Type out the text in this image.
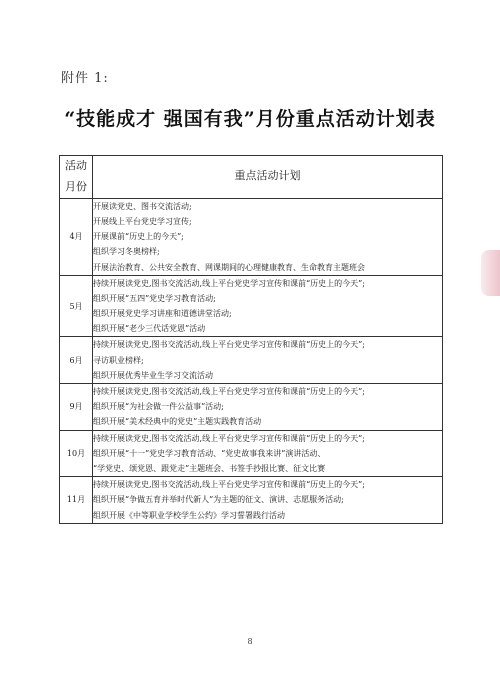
附件 1:
“技能成才 强国有我”月份重点活动计划表
活动
月份	重点活动计划
4月	开展读党史、图书交流活动;
开展线上平台党史学习宣传;
开展课前“历史上的今天”;
组织学习冬奥榜样;
开展法治教育、公共安全教育、网课期间的心理健康教育、生命教育主题班会

5月	持续开展读党史,图书交流活动,线上平台党史学习宣传和课前“历史上的今天”;
组织开展“五四”党史学习教育活动;
组织开展党史学习讲座和道德讲堂活动;
组织开展“老少三代话党恩”活动

6月	持续开展读党史,图书交流活动,线上平台党史学习宣传和课前“历史上的今天”;
寻访职业榜样;
组织开展优秀毕业生学习交流活动

9月	持续开展读党史,图书交流活动,线上平台党史学习宣传和课前“历史上的今天”;
组织开展“为社会做一件公益事”活动;
组织开展“美术经典中的党史”主题实践教育活动

10月	持续开展读党史,图书交流活动,线上平台党史学习宣传和课前“历史上的今天”;
组织开展“十一”党史学习教育活动、“党史故事我来讲”演讲活动、
“学党史、颂党恩、跟党走”主题班会、书签手抄报比赛、征文比赛

11月	持续开展读党史,图书交流活动,线上平台党史学习宣传和课前“历史上的今天”;
组织开展“争做五育并举时代新人”为主题的征文、演讲、志愿服务活动;
组织开展《中等职业学校学生公约》学习誓署践行活动
8
